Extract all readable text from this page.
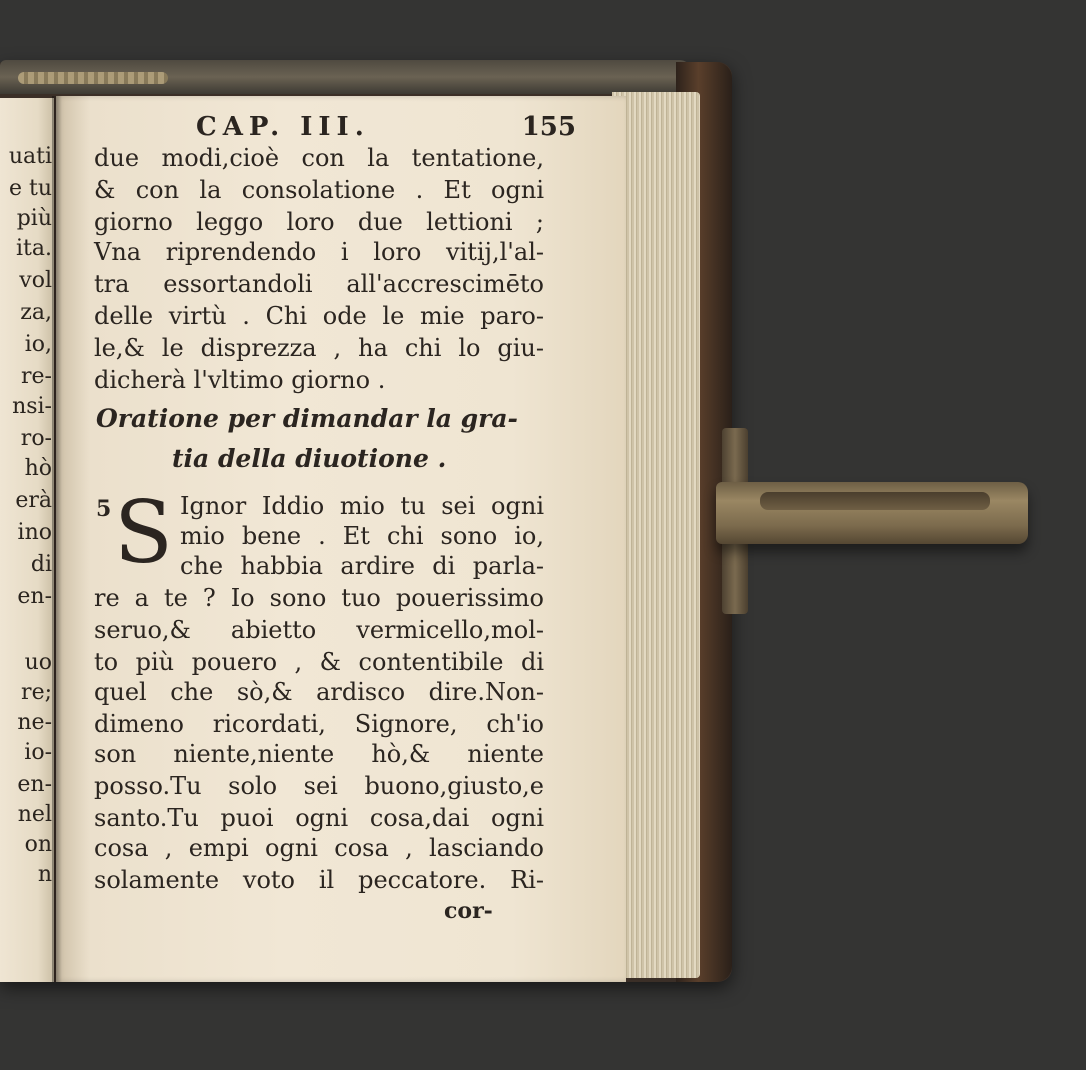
uati
e tu
più
ita.
vol
za,
io,
re-
nsi-
ro-
hò
erà
ino
di
en-
uo
re;
ne-
io-
en-
nel
on
n
CAP. III.	155
due modi,cioè con la tentatione,
& con la consolatione . Et ogni
giorno leggo loro due lettioni ;
Vna riprendendo i loro vitij,l'al-
tra essortandoli all'accrescimēto
delle virtù . Chi ode le mie paro-
le,& le disprezza , ha chi lo giu-
dicherà l'vltimo giorno .
Oratione per dimandar la gra-
tia della diuotione .
5 S Ignor Iddio mio tu sei ogni
mio bene . Et chi sono io,
che habbia ardire di parla-
re a te ? Io sono tuo pouerissimo
seruo,& abietto vermicello,mol-
to più pouero , & contentibile di
quel che sò,& ardisco dire.Non-
dimeno ricordati, Signore, ch'io
son niente,niente hò,& niente
posso.Tu solo sei buono,giusto,e
santo.Tu puoi ogni cosa,dai ogni
cosa , empi ogni cosa , lasciando
solamente voto il peccatore. Ri-
cor-
